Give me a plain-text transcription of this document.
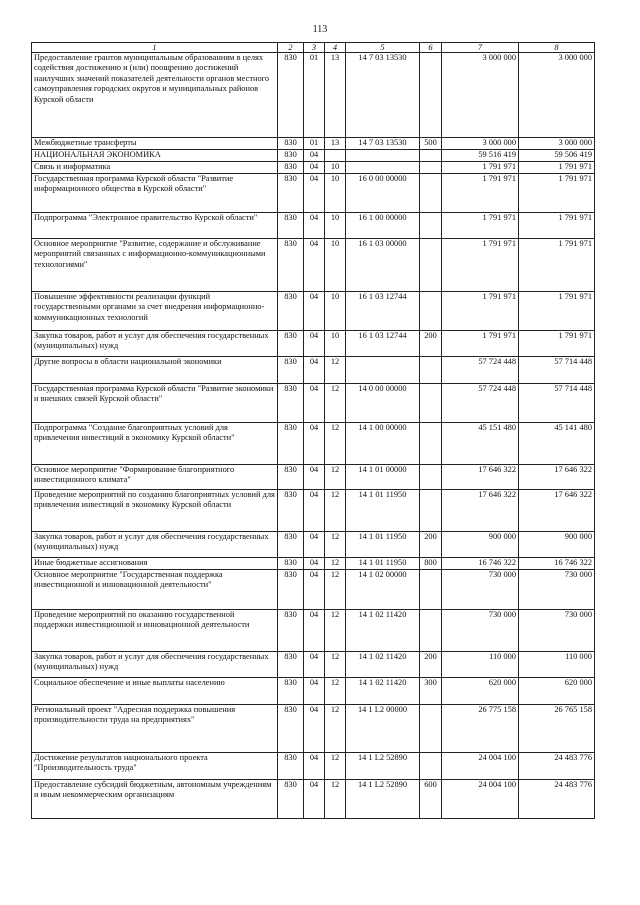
113
1	2	3	4	5	6	7	8
Предоставление грантов муниципальным образованиям в целях содействия достижению и (или) поощрению достижений наилучших значений показателей деятельности органов местного самоуправления городских округов и муниципальных районов Курской области	830	01	13	14 7 03 13530		3 000 000	3 000 000
Межбюджетные трансферты	830	01	13	14 7 03 13530	500	3 000 000	3 000 000
НАЦИОНАЛЬНАЯ ЭКОНОМИКА	830	04				59 516 419	59 506 419
Связь и информатика	830	04	10			1 791 971	1 791 971
Государственная программа Курской области "Развитие информационного общества в Курской области"	830	04	10	16 0 00 00000		1 791 971	1 791 971
Подпрограмма "Электронное правительство Курской области"	830	04	10	16 1 00 00000		1 791 971	1 791 971
Основное мероприятие "Развитие, содержание и обслуживание мероприятий связанных с информационно-коммуникационными технологиями"	830	04	10	16 1 03 00000		1 791 971	1 791 971
Повышение эффективности реализации функций государственными органами за счет внедрения информационно-коммуникационных технологий	830	04	10	16 1 03 12744		1 791 971	1 791 971
Закупка товаров, работ и услуг для обеспечения государственных (муниципальных) нужд	830	04	10	16 1 03 12744	200	1 791 971	1 791 971
Другие вопросы в области национальной экономики	830	04	12			57 724 448	57 714 448
Государственная программа Курской области "Развитие экономики и внешних связей Курской области"	830	04	12	14 0 00 00000		57 724 448	57 714 448
Подпрограмма "Создание благоприятных условий для привлечения инвестиций в экономику Курской области"	830	04	12	14 1 00 00000		45 151 480	45 141 480
Основное мероприятие "Формирование благоприятного инвестиционного климата"	830	04	12	14 1 01 00000		17 646 322	17 646 322
Проведение мероприятий по созданию благоприятных условий для привлечения инвестиций в экономику Курской области	830	04	12	14 1 01 11950		17 646 322	17 646 322
Закупка товаров, работ и услуг для обеспечения государственных (муниципальных) нужд	830	04	12	14 1 01 11950	200	900 000	900 000
Иные бюджетные ассигнования	830	04	12	14 1 01 11950	800	16 746 322	16 746 322
Основное мероприятие "Государственная поддержка инвестиционной и инновационной деятельности"	830	04	12	14 1 02 00000		730 000	730 000
Проведение мероприятий по оказанию государственной поддержки инвестиционной и инновационной деятельности	830	04	12	14 1 02 11420		730 000	730 000
Закупка товаров, работ и услуг для обеспечения государственных (муниципальных) нужд	830	04	12	14 1 02 11420	200	110 000	110 000
Социальное обеспечение и иные выплаты населению	830	04	12	14 1 02 11420	300	620 000	620 000
Региональный проект "Адресная поддержка повышения производительности труда на предприятиях"	830	04	12	14 1 L2 00000		26 775 158	26 765 158
Достижение результатов национального проекта "Производительность труда"	830	04	12	14 1 L2 52890		24 004 100	24 483 776
Предоставление субсидий бюджетным, автономным учреждениям и иным некоммерческим организациям	830	04	12	14 1 L2 52890	600	24 004 100	24 483 776
